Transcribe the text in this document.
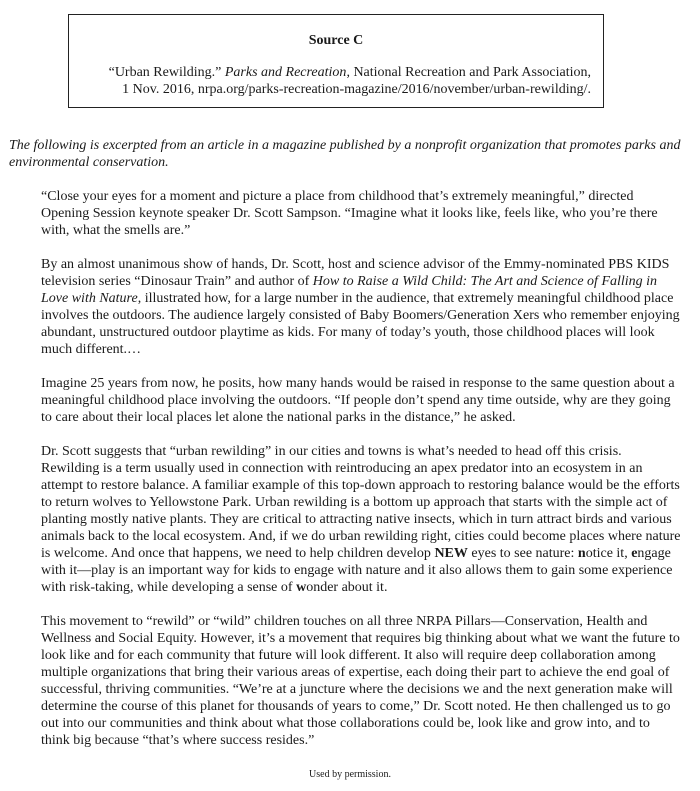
Source C
“Urban Rewilding.” Parks and Recreation, National Recreation and Park Association,
1 Nov. 2016, nrpa.org/parks-recreation-magazine/2016/november/urban-rewilding/.
The following is excerpted from an article in a magazine published by a nonprofit organization that promotes parks and environmental conservation.

“Close your eyes for a moment and picture a place from childhood that’s extremely meaningful,” directed Opening Session keynote speaker Dr. Scott Sampson. “Imagine what it looks like, feels like, who you’re there with, what the smells are.”

By an almost unanimous show of hands, Dr. Scott, host and science advisor of the Emmy-nominated PBS KIDS television series “Dinosaur Train” and author of How to Raise a Wild Child: The Art and Science of Falling in Love with Nature, illustrated how, for a large number in the audience, that extremely meaningful childhood place involves the outdoors. The audience largely consisted of Baby Boomers/Generation Xers who remember enjoying abundant, unstructured outdoor playtime as kids. For many of today’s youth, those childhood places will look much different.…

Imagine 25 years from now, he posits, how many hands would be raised in response to the same question about a meaningful childhood place involving the outdoors. “If people don’t spend any time outside, why are they going to care about their local places let alone the national parks in the distance,” he asked.

Dr. Scott suggests that “urban rewilding” in our cities and towns is what’s needed to head off this crisis. Rewilding is a term usually used in connection with reintroducing an apex predator into an ecosystem in an attempt to restore balance. A familiar example of this top-down approach to restoring balance would be the efforts to return wolves to Yellowstone Park. Urban rewilding is a bottom up approach that starts with the simple act of planting mostly native plants. They are critical to attracting native insects, which in turn attract birds and various animals back to the local ecosystem. And, if we do urban rewilding right, cities could become places where nature is welcome. And once that happens, we need to help children develop NEW eyes to see nature: notice it, engage with it—play is an important way for kids to engage with nature and it also allows them to gain some experience with risk-taking, while developing a sense of wonder about it.

This movement to “rewild” or “wild” children touches on all three NRPA Pillars—Conservation, Health and Wellness and Social Equity. However, it’s a movement that requires big thinking about what we want the future to look like and for each community that future will look different. It also will require deep collaboration among multiple organizations that bring their various areas of expertise, each doing their part to achieve the end goal of successful, thriving communities. “We’re at a juncture where the decisions we and the next generation make will determine the course of this planet for thousands of years to come,” Dr. Scott noted. He then challenged us to go out into our communities and think about what those collaborations could be, look like and grow into, and to think big because “that’s where success resides.”

Used by permission.
